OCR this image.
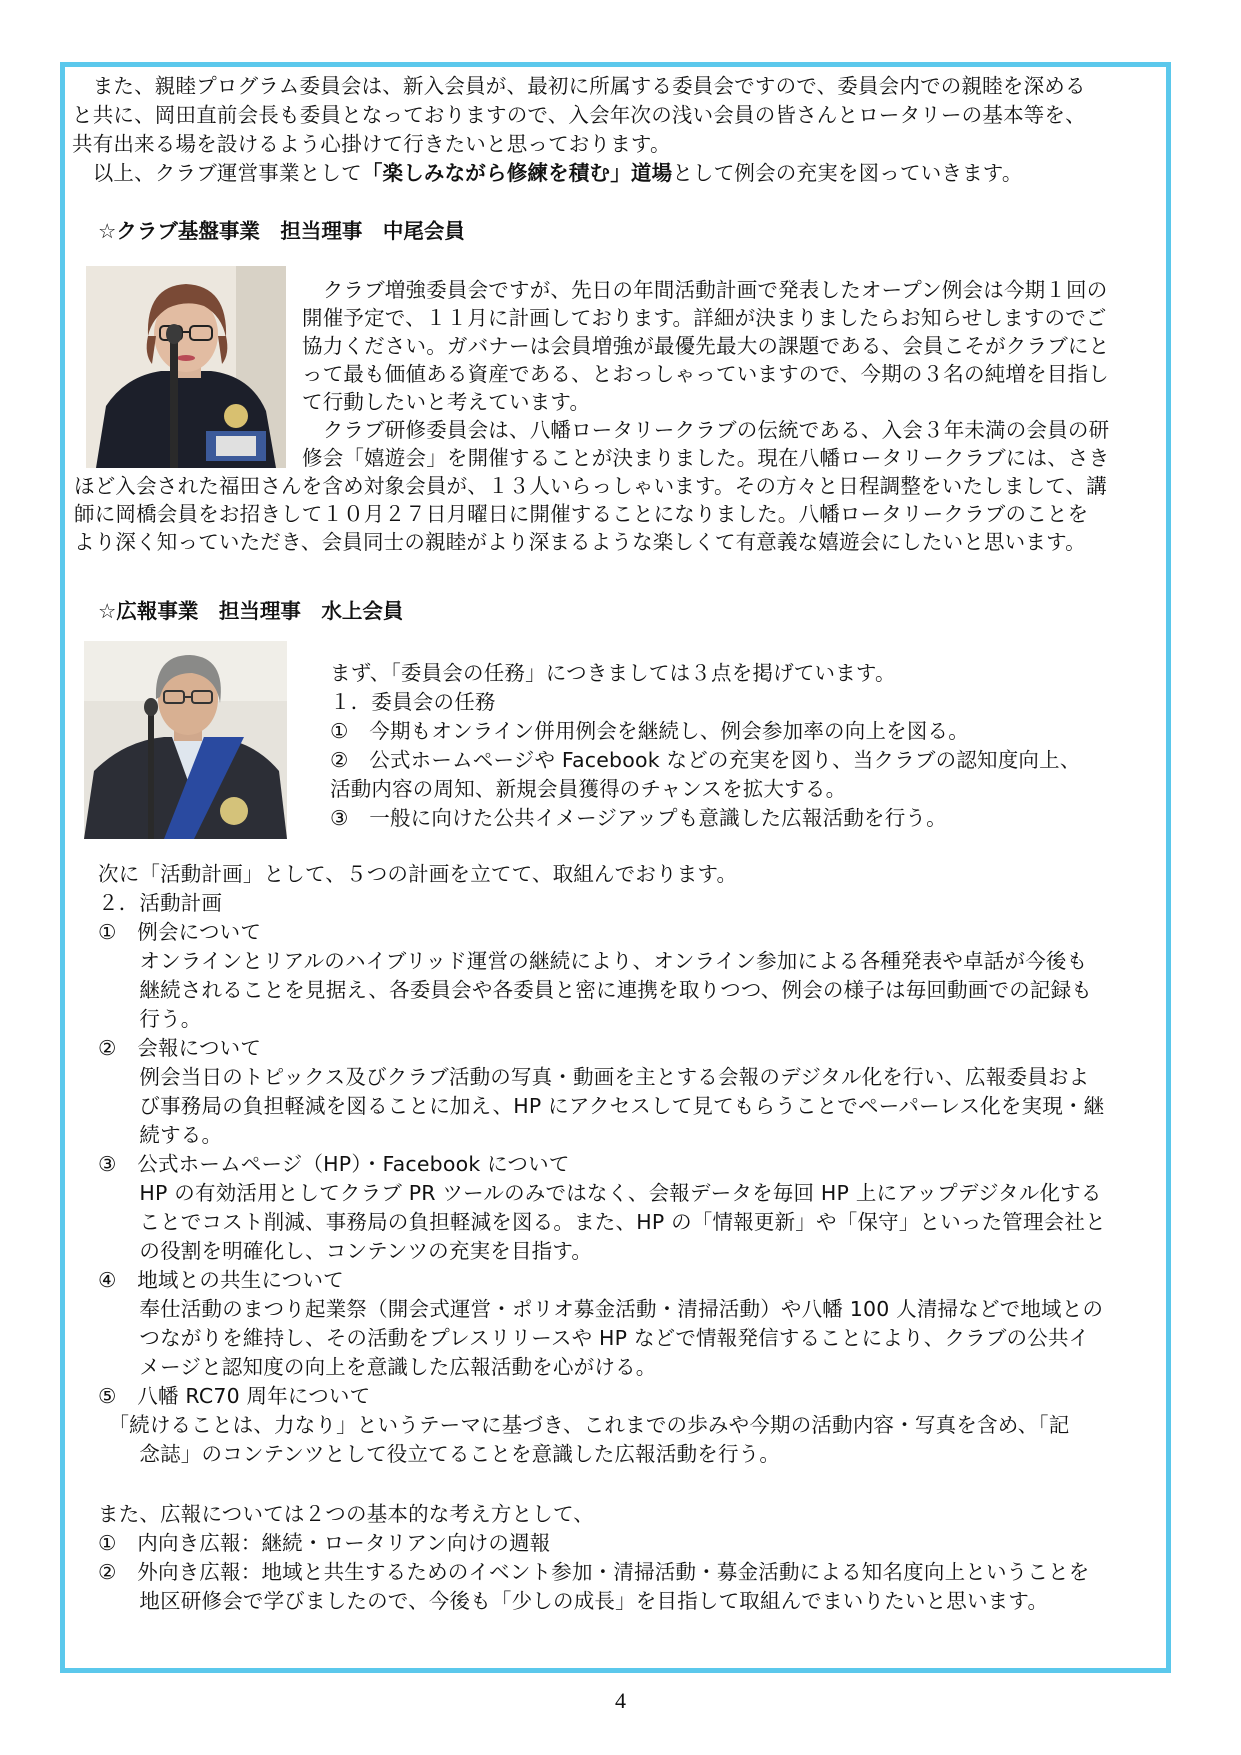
　また、親睦プログラム委員会は、新入会員が、最初に所属する委員会ですので、委員会内での親睦を深める
と共に、岡田直前会長も委員となっておりますので、入会年次の浅い会員の皆さんとロータリーの基本等を、
共有出来る場を設けるよう心掛けて行きたいと思っております。
　以上、クラブ運営事業として「楽しみながら修練を積む」道場として例会の充実を図っていきます。
☆クラブ基盤事業　担当理事　中尾会員
　クラブ増強委員会ですが、先日の年間活動計画で発表したオープン例会は今期１回の
開催予定で、１１月に計画しております。詳細が決まりましたらお知らせしますのでご
協力ください。ガバナーは会員増強が最優先最大の課題である、会員こそがクラブにと
って最も価値ある資産である、とおっしゃっていますので、今期の３名の純増を目指し
て行動したいと考えています。
　クラブ研修委員会は、八幡ロータリークラブの伝統である、入会３年未満の会員の研
修会「嬉遊会」を開催することが決まりました。現在八幡ロータリークラブには、さき
ほど入会された福田さんを含め対象会員が、１３人いらっしゃいます。その方々と日程調整をいたしまして、講
師に岡橋会員をお招きして１０月２７日月曜日に開催することになりました。八幡ロータリークラブのことを
より深く知っていただき、会員同士の親睦がより深まるような楽しくて有意義な嬉遊会にしたいと思います。
☆広報事業　担当理事　水上会員
まず、「委員会の任務」につきましては３点を掲げています。
１．委員会の任務
①　今期もオンライン併用例会を継続し、例会参加率の向上を図る。
②　公式ホームページや Facebook などの充実を図り、当クラブの認知度向上、
活動内容の周知、新規会員獲得のチャンスを拡大する。
③　一般に向けた公共イメージアップも意識した広報活動を行う。
次に「活動計画」として、５つの計画を立てて、取組んでおります。
２．活動計画
①　例会について
　　オンラインとリアルのハイブリッド運営の継続により、オンライン参加による各種発表や卓話が今後も
　　継続されることを見据え、各委員会や各委員と密に連携を取りつつ、例会の様子は毎回動画での記録も
　　行う。
②　会報について
　　例会当日のトピックス及びクラブ活動の写真・動画を主とする会報のデジタル化を行い、広報委員およ
　　び事務局の負担軽減を図ることに加え、HP にアクセスして見てもらうことでペーパーレス化を実現・継
　　続する。
③　公式ホームページ（HP）・Facebook について
　　HP の有効活用としてクラブ PR ツールのみではなく、会報データを毎回 HP 上にアップデジタル化する
　　ことでコスト削減、事務局の負担軽減を図る。また、HP の「情報更新」や「保守」といった管理会社と
　　の役割を明確化し、コンテンツの充実を目指す。
④　地域との共生について
　　奉仕活動のまつり起業祭（開会式運営・ポリオ募金活動・清掃活動）や八幡 100 人清掃などで地域との
　　つながりを維持し、その活動をプレスリリースや HP などで情報発信することにより、クラブの公共イ
　　メージと認知度の向上を意識した広報活動を心がける。
⑤　八幡 RC70 周年について
　「続けることは、力なり」というテーマに基づき、これまでの歩みや今期の活動内容・写真を含め、「記
　　念誌」のコンテンツとして役立てることを意識した広報活動を行う。
また、広報については２つの基本的な考え方として、
①　内向き広報：継続・ロータリアン向けの週報
②　外向き広報：地域と共生するためのイベント参加・清掃活動・募金活動による知名度向上ということを
　　地区研修会で学びましたので、今後も「少しの成長」を目指して取組んでまいりたいと思います。
4
